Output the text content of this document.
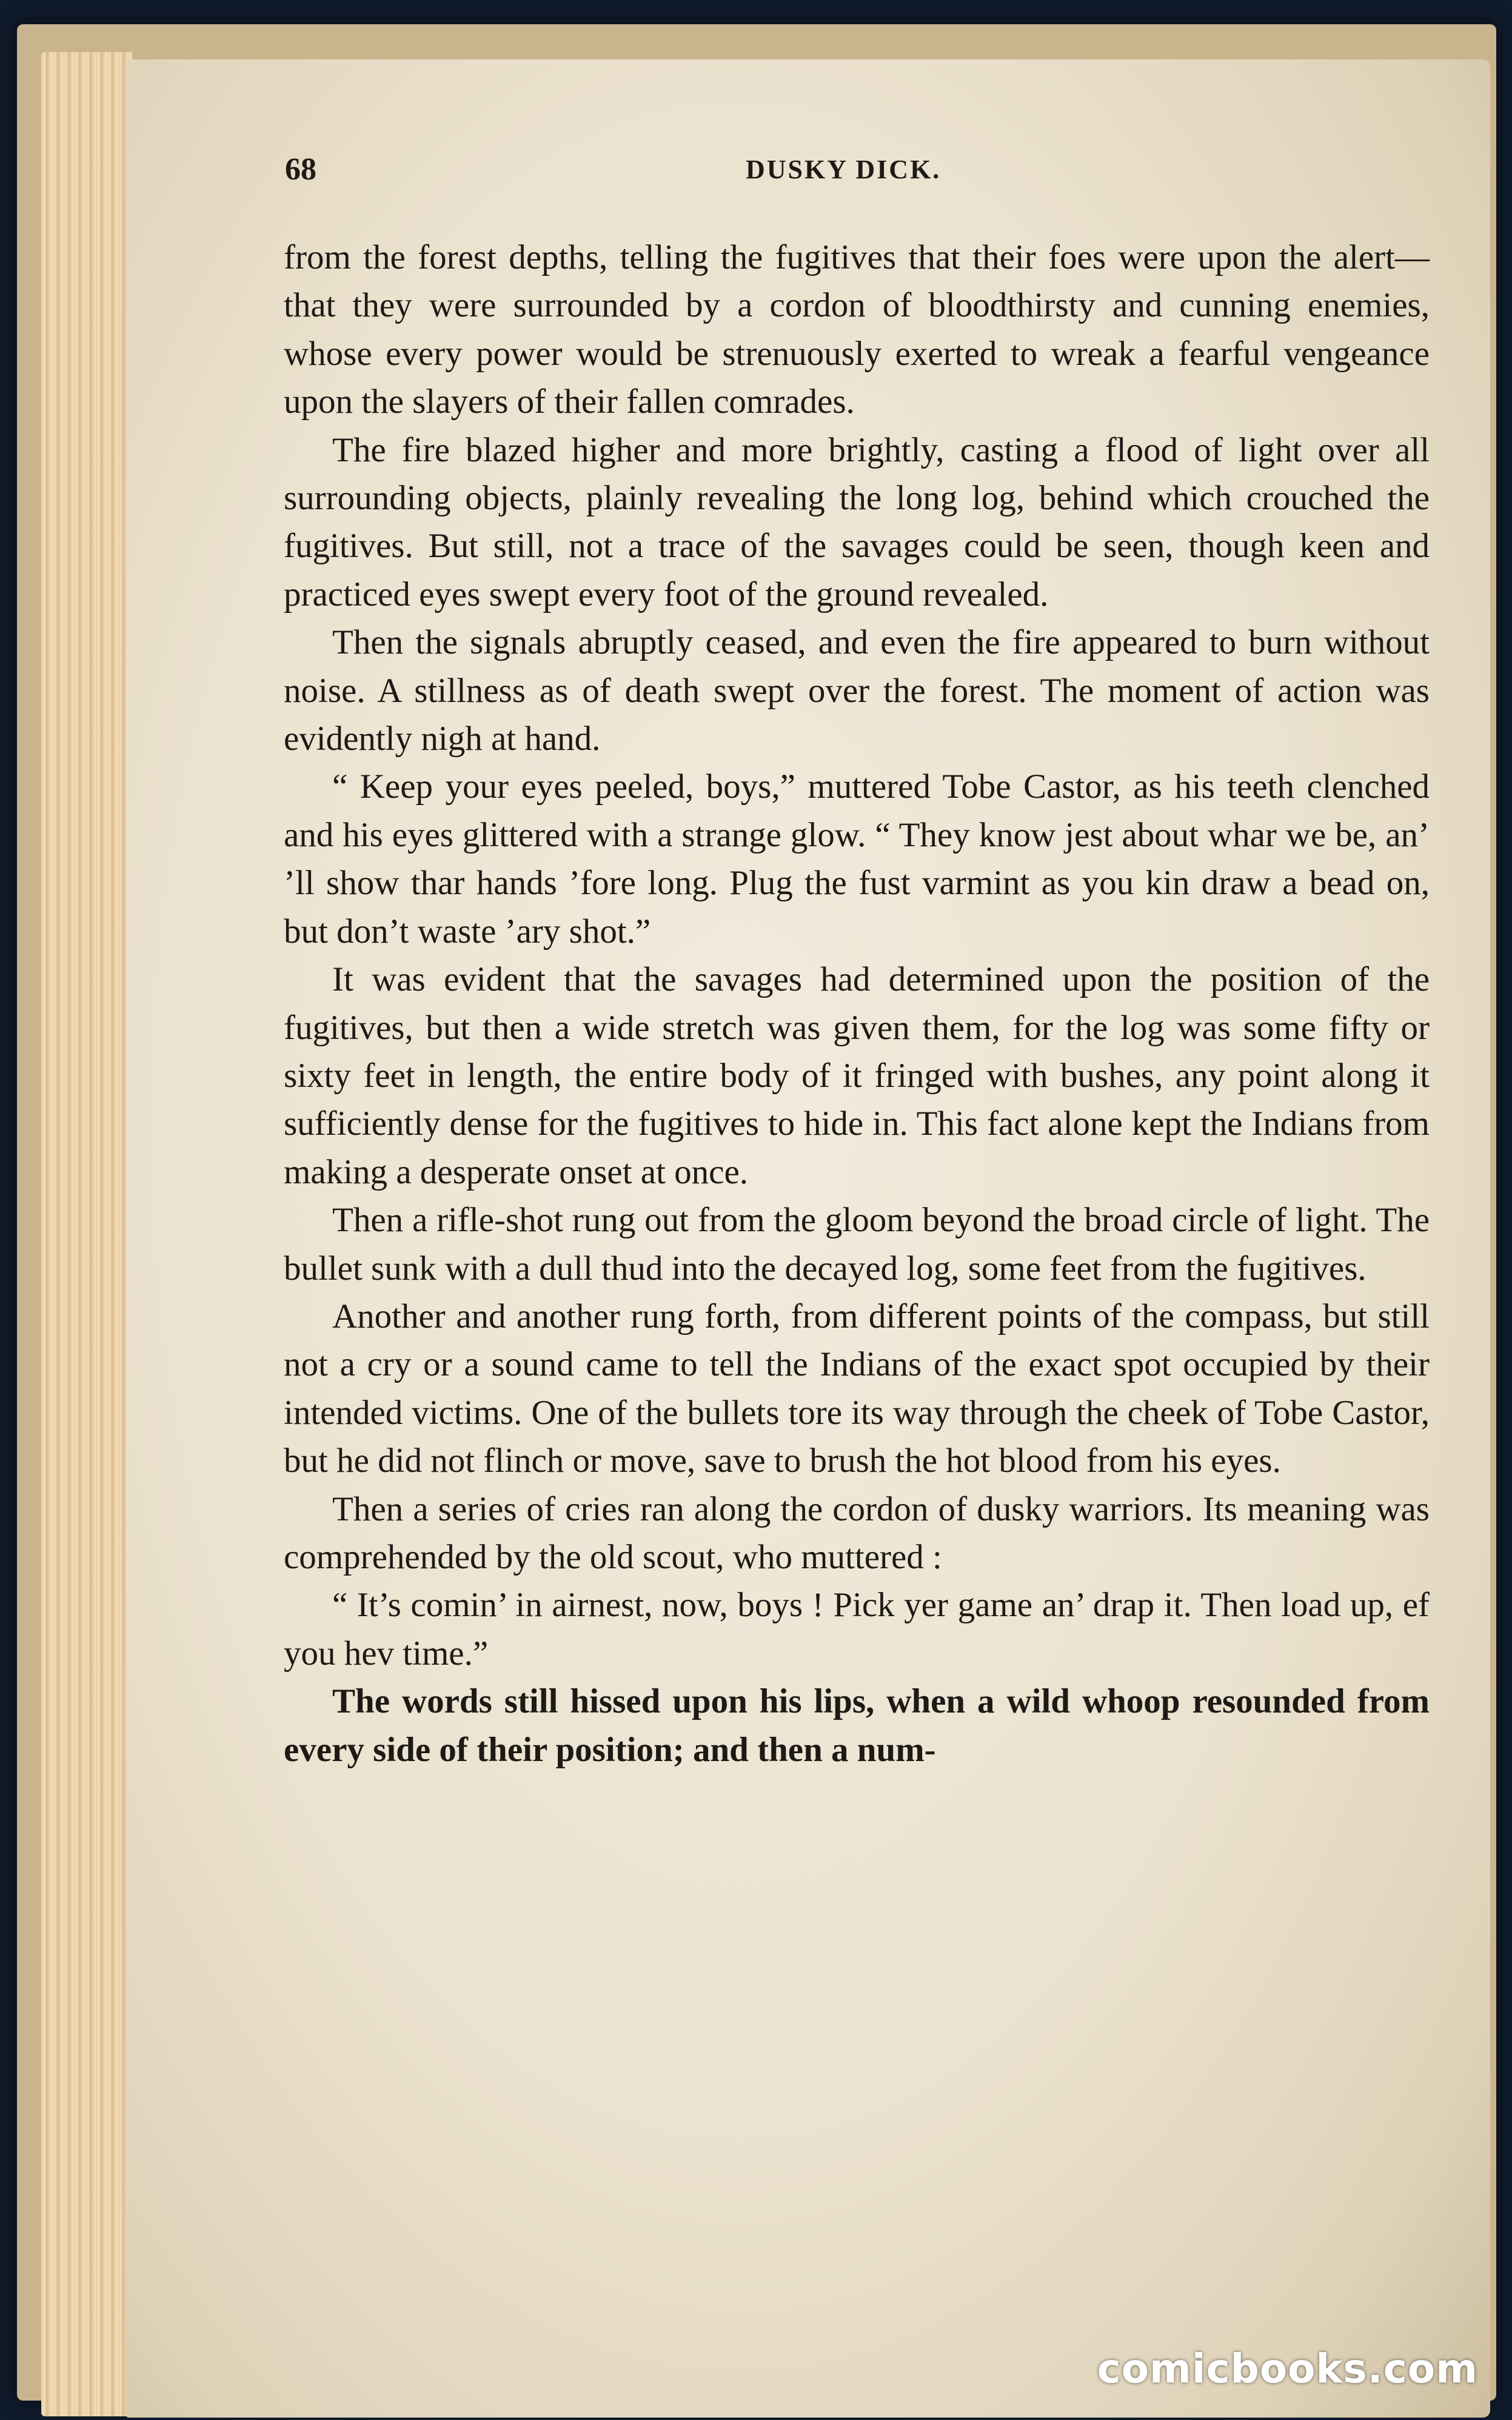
68	DUSKY DICK.

from the forest depths, telling the fugitives that their foes were upon the alert—that they were surrounded by a cordon of bloodthirsty and cunning enemies, whose every power would be strenuously exerted to wreak a fearful vengeance upon the slayers of their fallen comrades.

The fire blazed higher and more brightly, casting a flood of light over all surrounding objects, plainly revealing the long log, behind which crouched the fugitives. But still, not a trace of the savages could be seen, though keen and practiced eyes swept every foot of the ground revealed.

Then the signals abruptly ceased, and even the fire appeared to burn without noise. A stillness as of death swept over the forest. The moment of action was evidently nigh at hand.

“ Keep your eyes peeled, boys,” muttered Tobe Castor, as his teeth clenched and his eyes glittered with a strange glow. “ They know jest about whar we be, an’ ’ll show thar hands ’fore long. Plug the fust varmint as you kin draw a bead on, but don’t waste ’ary shot.”

It was evident that the savages had determined upon the position of the fugitives, but then a wide stretch was given them, for the log was some fifty or sixty feet in length, the entire body of it fringed with bushes, any point along it sufficiently dense for the fugitives to hide in. This fact alone kept the Indians from making a desperate onset at once.

Then a rifle-shot rung out from the gloom beyond the broad circle of light. The bullet sunk with a dull thud into the decayed log, some feet from the fugitives.

Another and another rung forth, from different points of the compass, but still not a cry or a sound came to tell the Indians of the exact spot occupied by their intended victims. One of the bullets tore its way through the cheek of Tobe Castor, but he did not flinch or move, save to brush the hot blood from his eyes.

Then a series of cries ran along the cordon of dusky warriors. Its meaning was comprehended by the old scout, who muttered :

“ It’s comin’ in airnest, now, boys ! Pick yer game an’ drap it. Then load up, ef you hev time.”

The words still hissed upon his lips, when a wild whoop resounded from every side of their position; and then a num-

comicbooks.com
